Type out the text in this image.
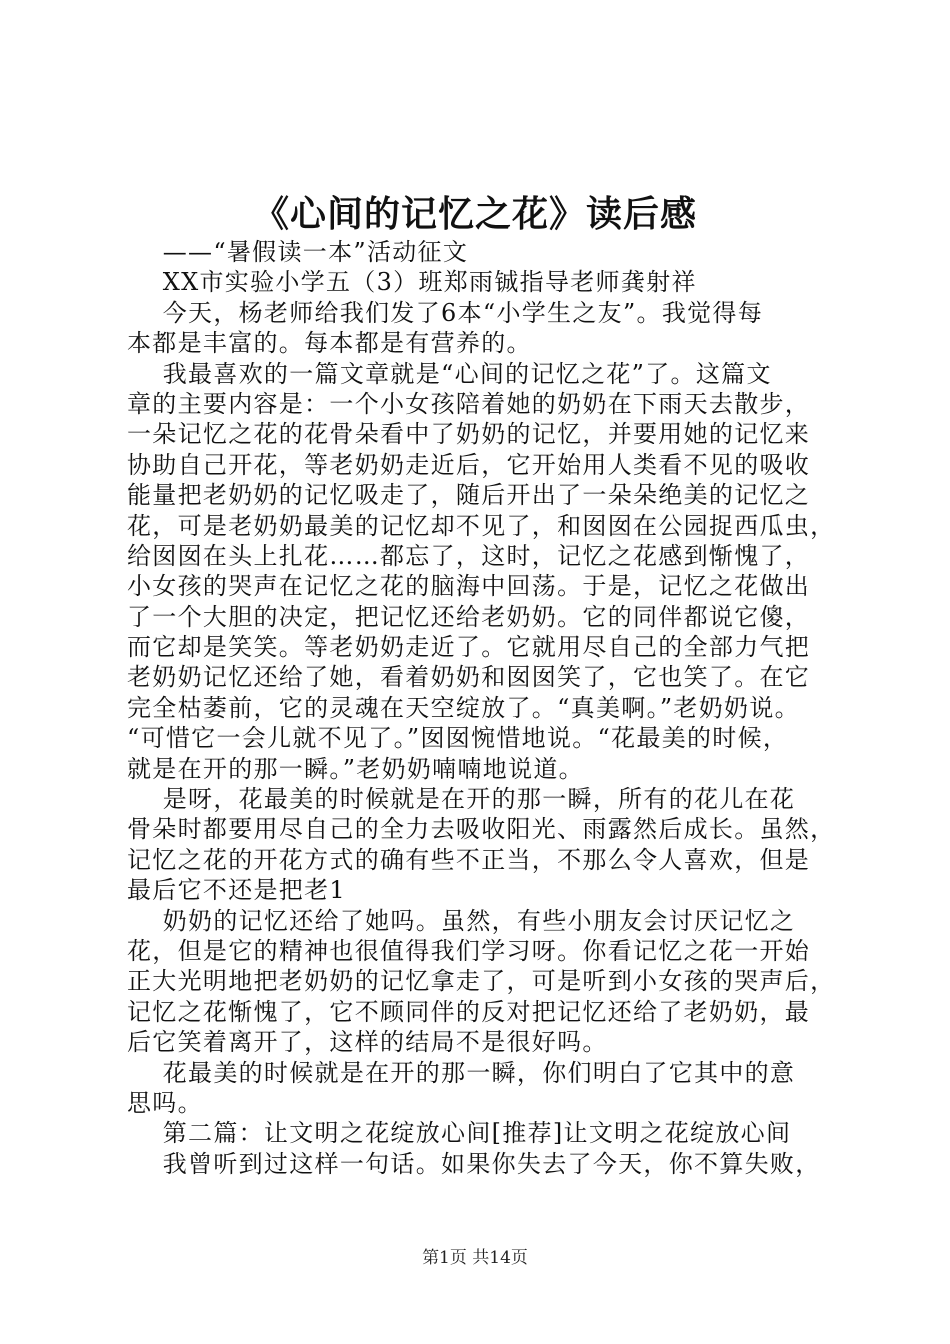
《心间的记忆之花》读后感
——“暑假读一本”活动征文
XX市实验小学五（3）班郑雨铖指导老师龚射祥
今天，杨老师给我们发了6本“小学生之友”。我觉得每
本都是丰富的。每本都是有营养的。
我最喜欢的一篇文章就是“心间的记忆之花”了。这篇文
章的主要内容是：一个小女孩陪着她的奶奶在下雨天去散步，
一朵记忆之花的花骨朵看中了奶奶的记忆，并要用她的记忆来
协助自己开花，等老奶奶走近后，它开始用人类看不见的吸收
能量把老奶奶的记忆吸走了，随后开出了一朵朵绝美的记忆之
花，可是老奶奶最美的记忆却不见了，和囡囡在公园捉西瓜虫，
给囡囡在头上扎花……都忘了，这时，记忆之花感到惭愧了，
小女孩的哭声在记忆之花的脑海中回荡。于是，记忆之花做出
了一个大胆的决定，把记忆还给老奶奶。它的同伴都说它傻，
而它却是笑笑。等老奶奶走近了。它就用尽自己的全部力气把
老奶奶记忆还给了她，看着奶奶和囡囡笑了，它也笑了。在它
完全枯萎前，它的灵魂在天空绽放了。“真美啊。”老奶奶说。
“可惜它一会儿就不见了。”囡囡惋惜地说。“花最美的时候，
就是在开的那一瞬。”老奶奶喃喃地说道。
是呀，花最美的时候就是在开的那一瞬，所有的花儿在花
骨朵时都要用尽自己的全力去吸收阳光、雨露然后成长。虽然，
记忆之花的开花方式的确有些不正当，不那么令人喜欢，但是
最后它不还是把老1
奶奶的记忆还给了她吗。虽然，有些小朋友会讨厌记忆之
花，但是它的精神也很值得我们学习呀。你看记忆之花一开始
正大光明地把老奶奶的记忆拿走了，可是听到小女孩的哭声后，
记忆之花惭愧了，它不顾同伴的反对把记忆还给了老奶奶，最
后它笑着离开了，这样的结局不是很好吗。
花最美的时候就是在开的那一瞬，你们明白了它其中的意
思吗。
第二篇：让文明之花绽放心间[推荐]让文明之花绽放心间
我曾听到过这样一句话。如果你失去了今天，你不算失败，
第1页 共14页
